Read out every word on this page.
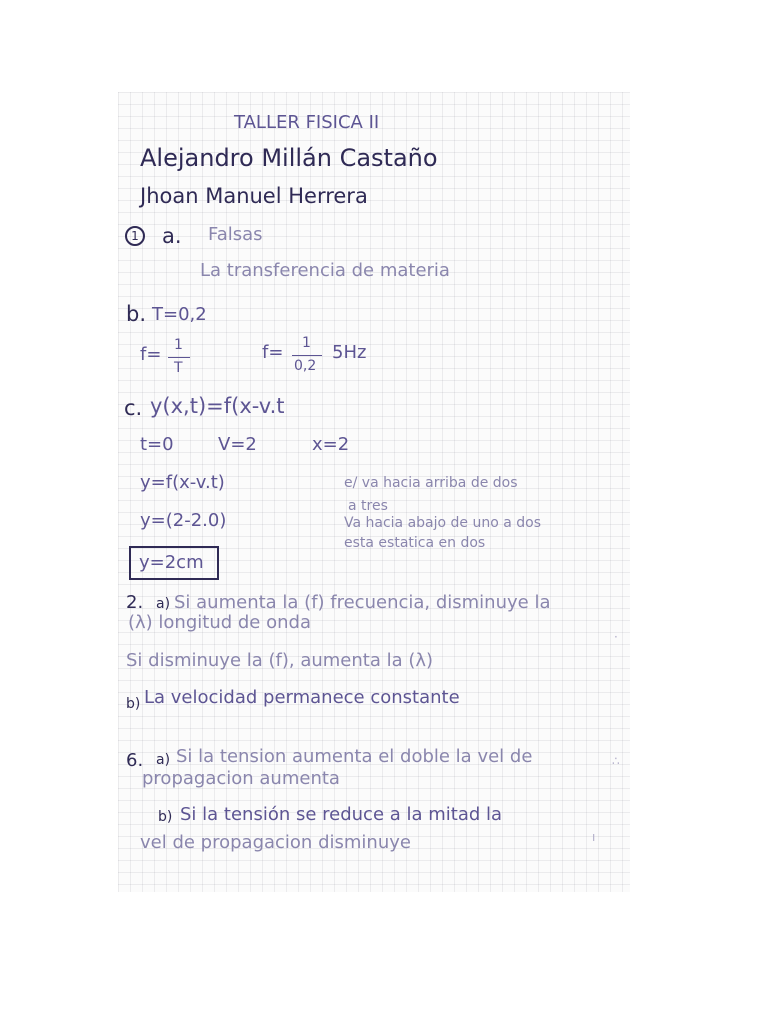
TALLER FISICA II
Alejandro Millán Castaño
Jhoan Manuel Herrera
1 a. Falsas
La transferencia de materia
b. T=0,2
f= 1
T
f= 1
0,2
5Hz
c. y(x,t)=f(x-v.t
t=0 V=2	x=2
y=f(x-v.t)
y=(2-2.0)
y=2cm
e/ va hacia arriba de dos
a tres
Va hacia abajo de uno a dos
esta estatica en dos
2. a) Si aumenta la (f) frecuencia, disminuye la
(λ) longitud de onda
Si disminuye la (f), aumenta la (λ)
b) La velocidad permanece constante
6. a) Si la tension aumenta el doble la vel de
propagacion aumenta
b) Si la tensión se reduce a la mitad la
vel de propagacion disminuye
∴
·
ı
